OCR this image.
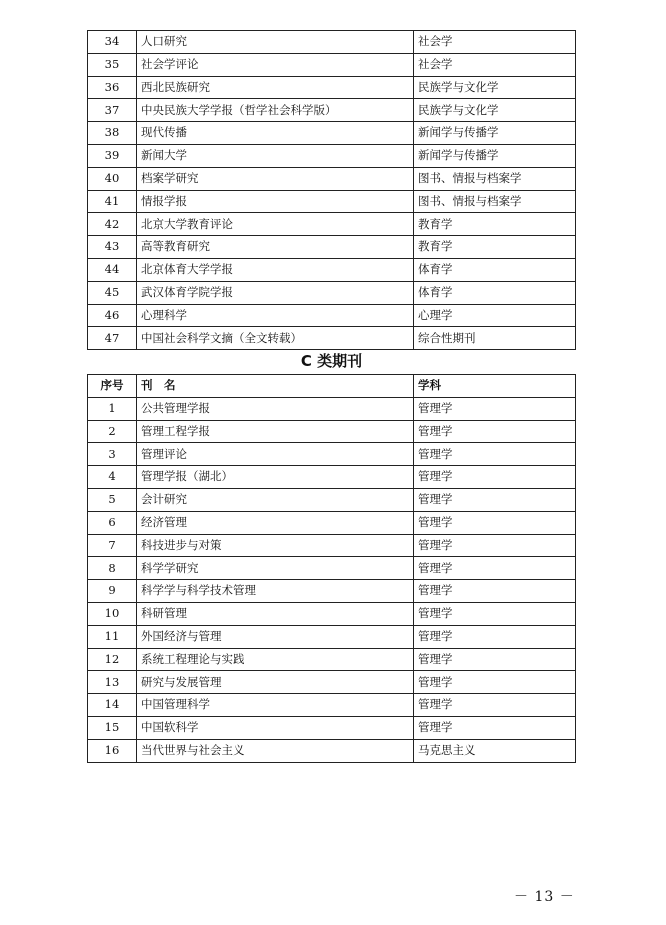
34	人口研究	社会学
35	社会学评论	社会学
36	西北民族研究	民族学与文化学
37	中央民族大学学报（哲学社会科学版）	民族学与文化学
38	现代传播	新闻学与传播学
39	新闻大学	新闻学与传播学
40	档案学研究	图书、情报与档案学
41	情报学报	图书、情报与档案学
42	北京大学教育评论	教育学
43	高等教育研究	教育学
44	北京体育大学学报	体育学
45	武汉体育学院学报	体育学
46	心理科学	心理学
47	中国社会科学文摘（全文转载）	综合性期刊
C 类期刊
序号	刊　名	学科
1	公共管理学报	管理学
2	管理工程学报	管理学
3	管理评论	管理学
4	管理学报（湖北）	管理学
5	会计研究	管理学
6	经济管理	管理学
7	科技进步与对策	管理学
8	科学学研究	管理学
9	科学学与科学技术管理	管理学
10	科研管理	管理学
11	外国经济与管理	管理学
12	系统工程理论与实践	管理学
13	研究与发展管理	管理学
14	中国管理科学	管理学
15	中国软科学	管理学
16	当代世界与社会主义	马克思主义
－ 13 －
